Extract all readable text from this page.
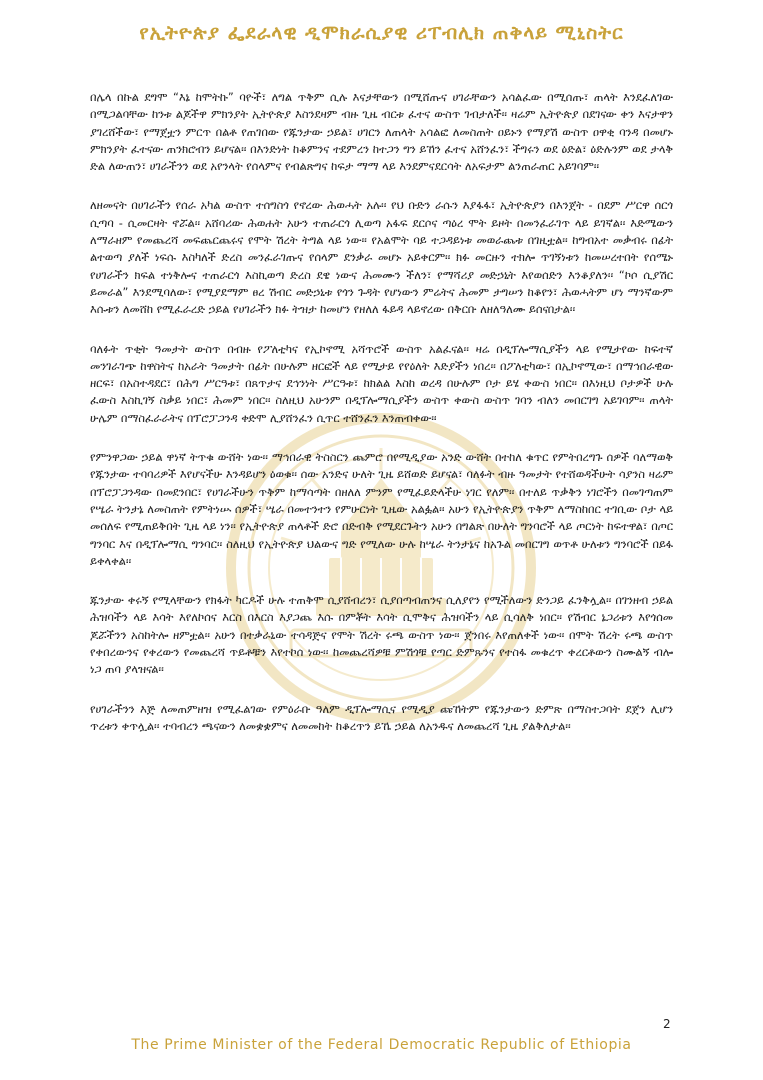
የኢትዮጵያ ፌደራላዊ ዲሞክራሲያዊ ሪፐብሊክ ጠቅላይ ሚኒስትር

በሌላ በኩል ደግሞ “እኔ ከሞትኩ” ባዮች፣ ለግል ጥቅም ሲሉ እናታቸውን በሚሸጡና ሀገራቸውን አሳልፈው በሚሰጡ፣ ጠላት እንደፈለገው በሚጋልባቸው ከንቱ ልጆችዋ ምክንያት ኢትዮጵያ እስንደዛም ብዙ ጊዜ ብርቱ ፈተና ውስጥ ገብታለች፡፡ ዛሬም ኢትዮጵያ በደገናው ቀን እናታዋን ያገረሸችው፣ የማጀቷን ምርጥ በልቶ የጠገበው የጁንታው ኃይል፣ ሀገርን ለጠላት አሳልፎ ለመስጠት ዐይኑን የማያሽ ውስጥ ዐዋቂ ባንዳ በመሆኑ ምክንያት ፈተናው ጠንክሮብን ይሆናል፡፡ በእንድነት ከቆምንና ተደምረን ከተጋን ግን ይኸን ፈተና አሸንፈን፣ ችግሩን ወደ ዕድል፣ ዕድሉንም ወደ ታላቅ ድል ለውጠን፣ ሀገራችንን ወደ አየንላት የሰላምና የብልጽግና ከፍታ ማማ ላይ እንደምናደርሳት ለአፍታም ልንጠራጠር አይገባም፡፡

ለዘመናት በሀገራችን የሰራ አካል ውስጥ ተሰግስጎ የኖረው ሕወሓት አሉ፡፡ የህ ቡድን ራሱን እያፋፋ፣ ኢትዮጵያን በእንጀት - በደም ሥርዋ ሰርጎ ሲጣባ - ሲመርዛት ኖሯል፡፡ አሸባሪው ሕወሐት አሁን ተጠራርጎ ሊወጣ አፋፍ ደርሶና ጣዕረ ሞት ይዞት በመንፈራገጥ ላይ ይገኛል፡፡ እድሜውን ለማራዘም የመጨረሻ መፍጨርጨሩና የሞት ሽረት ትግል ላይ ነው፡፡ የአልሞት ባይ ተጋዳይነቱ መወራጨቱ በገዚቷል፡፡ ከግብአተ መቃብሩ በፊት ልተወጣ ያለች ነፍሱ እስካለች ድረስ መንፈራገጡና የሰላም ደንቃራ መሆኑ አይቀርም፡፡ ክፉ መርዙን ተክሎ ጥገኝነቱን ከመሠረተበት የሰሜኑ የሀገራችን ክፍል ተነቅሎና ተጠራርጎ እስኪወጣ ድረስ ደዌ ነውና ሕመሙን ችለን፣ የማሻሪያ መድኃኒት እየወሰድን እንቆያለን፡፡ “ኮሶ ሲያሽር ይመራል” እንደሚባለው፣ የሚያደማም ፀረ ሽብር መድኃኒቱ የጎን ጉዳት የሆነውን ምሬትና ሕመም ታግሠን ከቆየን፣ ሕወሓትም ሆነ ማንኛውም እሱቱን ለመሸከ የሚፈራረድ ኃይል የሀገራችን ክፉ ትዝታ ከመሆን የዘለለ ፋይዳ ላይኖረው በቅርቡ ለዘለዓለሙ ይሰናበታል፡፡

ባለፉት ጥቂት ዓመታት ውስጥ በብዙ የፖለቲካና የኢኮኖሚ አሻጥሮች ውስጥ አልፈናል፡፡ ዛሬ በዲፕሎማሲያችን ላይ የሚታየው ከፍተኛ መንገራገጭ ከዋስትና ከአራት ዓመታት በፊት በሁሉም ዘርፎች ላይ የሚታይ የየዕለት እድያችን ነበረ፡፡ በፖለቲካው፣ በኢኮኖሚው፣ በማኅበራዊው ዘርፍ፣ በአስተዳደር፣ በሕግ ሥርዓቱ፣ በጸጥታና ደኅንነት ሥርዓቱ፣ ከክልል እስከ ወረዳ በሁሉም ቦታ ይሄ ቀውስ ነበር፡፡ በእነዚህ ቦታዎች ሁሉ ፈውስ እስኪገኝ ስቃይ ነበር፣ ሕመም ነበር፡፡ ስለዚህ አሁንም በዲፕሎማሲያችን ውስጥ ቀውስ ውስጥ ገባን ብለን መበርገግ አይገባም፡፡ ጠላት ሁሌም በማስፈራራትና በፕሮፓጋንዳ ቀድሞ ሊያሸንፈን ሲጥር ተሸንፈን እንጠብቀው፡፡

የምንዋጋው ኃይል ዋነኛ ትጥቁ ውሸት ነው፡፡ ማኅበራዊ ትስስርን ጨምሮ በየሚዲያው አንድ ውሸት በተከለ ቁጥር የምትበረግጉ ሰዎች ባለማወቅ የጁንታው ተባባሪዎች እየሆናችሁ እንዳይሆን ዕወቁ፡፡ ሰው አንድና ሁለት ጊዜ ይሸወድ ይሆናል፣ ባለፉት ብዙ ዓመታት የተሸወዳችሁት ሳያንስ ዛሬም በፕሮፓጋንዳው በመደንበር፣ የሀገራችሁን ጥቅም ከማሳጣት በዘለለ ምንም የሚፈይድላችሁ ነገር የለም፡፡ በተለይ ጥቃቅን ነገሮችን በመገጣጠም የሤራ ትንታኔ ለመስጠት የምትነሡ ሰዎች፣ ሤራ በመተንተን የምሁርነት ጊዜው አልፏል፡፡ አሁን የኢትዮጵያን ጥቅም ለማስከበር ተገቢው ቦታ ላይ መሰለፍ የሚጠይቅበት ጊዜ ላይ ነን፡፡ የኢትዮጵያ ጠላቶች ድሮ በድብቅ የሚደርጉትን አሁን በግልጽ በሁለት ግንባሮች ላይ ጦርነት ከፍተዋል፣ በጦር ግንባር እና በዲፕሎማሲ ግንባር፡፡ ስለዚህ የኢትዮጵያ ህልውና ግድ የሚለው ሁሉ ከሤራ ትንታኔና ከአጉል መበርገግ ወጥቶ ሁለቱን ግንባሮች በይፋ ይቀላቀል፡፡

ጁንታው ቀሩኝ የሚላቸውን የክፋት ካርዶች ሁሉ ተጠቅሞ ሲያሸብረን፣ ሲያበጣብጠንና ሲለያየን የሚችለውን ድንጋይ ፈንቅሏል፡፡ በገንዘብ ኃይል ሕዝባችን ላይ እሳት እየለኮሰና እርስ በእርስ እያጋጨ እሱ በምቾት እሳት ሲሞቅና ሕዝባችን ላይ ሲሳለቅ ነበር፡፡ የሽብር ኔጋሪቱን እየጎሰመ ጆሯችንን አስከትሎ ዘምቷል፡፡ አሁን በተቃራኒው ተሳዳጅና የሞት ሽረት ሩጫ ውስጥ ነው፡፡ ጀንበሩ እየጠለቀች ነው፡፡ በሞት ሽረት ሩጫ ውስጥ የቀበረውንና የቀረውን የመጨረሻ ጥይቶቹን እየተኮሰ ነው፡፡ ከመጨረሻዎቹ ምሽጎቹ የጣር ድምጹንና የተስፋ መቁረጥ ቀረርቶውን ስሙልኝ ብሎ ነጋ ጠባ ያላዝናል፡፡

የሀገራችንን እጅ ለመጠምዘዝ የሚፈልገው የምዕራቡ ዓለም ዲፕሎማሲና የሚዲያ ጩኸትም የጁንታውን ድምጽ በማስተጋባት ደጀን ሊሆን ጥረቱን ቀጥሏል፡፡ ተባብረን ጫናውን ለመቋቋምና ለመመከት ከቆረጥን ይኼ ኃይል ለአንዱና ለመጨረሻ ጊዜ ያልቅለታል፡፡

2
The Prime Minister of the Federal Democratic Republic of Ethiopia
